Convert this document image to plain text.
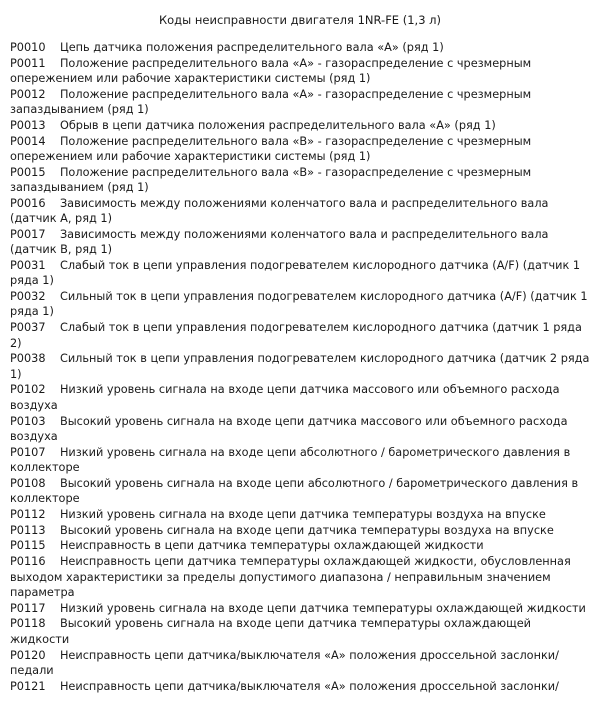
Коды неисправности двигателя 1NR-FE (1,3 л)
P0010    Цепь датчика положения распределительного вала «А» (ряд 1)
P0011    Положение распределительного вала «А» - газораспределение с чрезмерным опережением или рабочие характеристики системы (ряд 1)
P0012    Положение распределительного вала «А» - газораспределение с чрезмерным запаздыванием (ряд 1)
P0013    Обрыв в цепи датчика положения распределительного вала «А» (ряд 1)
P0014    Положение распределительного вала «В» - газораспределение с чрезмерным опережением или рабочие характеристики системы (ряд 1)
P0015    Положение распределительного вала «В» - газораспределение с чрезмерным запаздыванием (ряд 1)
P0016    Зависимость между положениями коленчатого вала и распределительного вала (датчик А, ряд 1)
P0017    Зависимость между положениями коленчатого вала и распределительного вала (датчик В, ряд 1)
P0031    Слабый ток в цепи управления подогревателем кислородного датчика (A/F) (датчик 1 ряда 1)
P0032    Сильный ток в цепи управления подогревателем кислородного датчика (A/F) (датчик 1 ряда 1)
P0037    Слабый ток в цепи управления подогревателем кислородного датчика (датчик 1 ряда 2)
P0038    Сильный ток в цепи управления подогревателем кислородного датчика (датчик 2 ряда 1)
P0102    Низкий уровень сигнала на входе цепи датчика массового или объемного расхода воздуха
P0103    Высокий уровень сигнала на входе цепи датчика массового или объемного расхода воздуха
P0107    Низкий уровень сигнала на входе цепи абсолютного / барометрического давления в коллекторе
P0108    Высокий уровень сигнала на входе цепи абсолютного / барометрического давления в коллекторе
P0112    Низкий уровень сигнала на входе цепи датчика температуры воздуха на впуске
P0113    Высокий уровень сигнала на входе цепи датчика температуры воздуха на впуске
P0115    Неисправность в цепи датчика температуры охлаждающей жидкости
P0116    Неисправность цепи датчика температуры охлаждающей жидкости, обусловленная выходом характеристики за пределы допустимого диапазона / неправильным значением параметра
P0117    Низкий уровень сигнала на входе цепи датчика температуры охлаждающей жидкости
P0118    Высокий уровень сигнала на входе цепи датчика температуры охлаждающей жидкости
P0120    Неисправность цепи датчика/выключателя «А» положения дроссельной заслонки/педали
P0121    Неисправность цепи датчика/выключателя «А» положения дроссельной заслонки/
